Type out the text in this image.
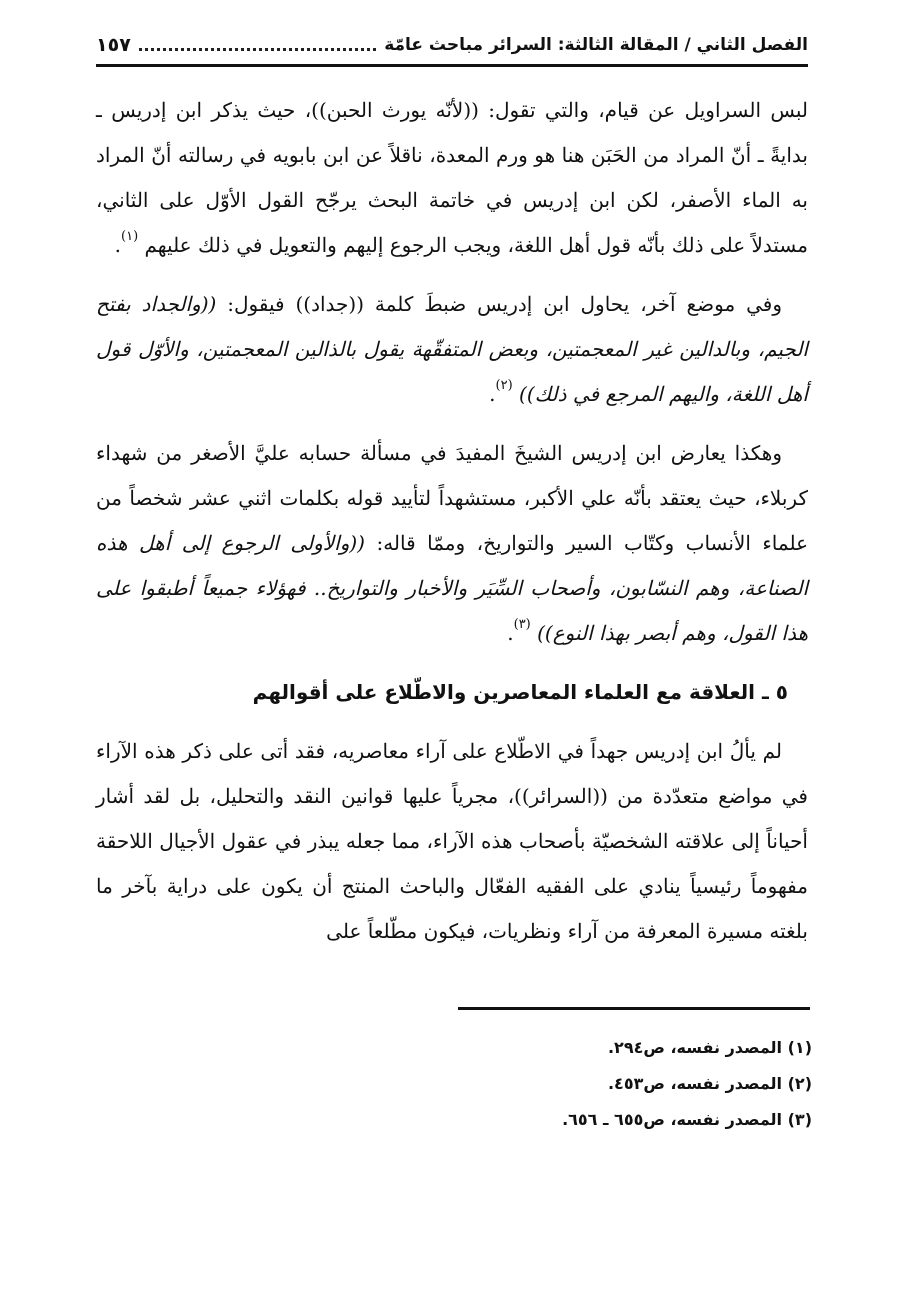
الفصل الثاني / المقالة الثالثة: السرائر مباحث عامّة
١٥٧

لبس السراويل عن قيام، والتي تقول: ((لأنّه يورث الحبن))، حيث يذكر ابن إدريس ـ بدايةً ـ أنّ المراد من الحَبَن هنا هو ورم المعدة، ناقلاً عن ابن بابويه في رسالته أنّ المراد به الماء الأصفر، لكن ابن إدريس في خاتمة البحث يرجّح القول الأوّل على الثاني، مستدلاً على ذلك بأنّه قول أهل اللغة، ويجب الرجوع إليهم والتعويل في ذلك عليهم $^{(١)}$.

وفي موضع آخر، يحاول ابن إدريس ضبطَ كلمة ((جداد)) فيقول: ((والجداد بفتح الجيم، وبالدالين غير المعجمتين، وبعض المتفقّهة يقول بالذالين المعجمتين، والأوّل قول أهل اللغة، واليهم المرجع في ذلك)) $^{(٢)}$.

وهكذا يعارض ابن إدريس الشيخَ المفيدَ في مسألة حسابه عليَّ الأصغر من شهداء كربلاء، حيث يعتقد بأنّه علي الأكبر، مستشهداً لتأييد قوله بكلمات اثني عشر شخصاً من علماء الأنساب وكتّاب السير والتواريخ، وممّا قاله: ((والأولى الرجوع إلى أهل هذه الصناعة، وهم النسّابون، وأصحاب السِّيَر والأخبار والتواريخ.. فهؤلاء جميعاً أطبقوا على هذا القول، وهم أبصر بهذا النوع)) $^{(٣)}$.

٥ ـ العلاقة مع العلماء المعاصرين والاطّلاع على أقوالهم

لم يألُ ابن إدريس جهداً في الاطّلاع على آراء معاصريه، فقد أتى على ذكر هذه الآراء في مواضع متعدّدة من ((السرائر))، مجرياً عليها قوانين النقد والتحليل، بل لقد أشار أحياناً إلى علاقته الشخصيّة بأصحاب هذه الآراء، مما جعله يبذر في عقول الأجيال اللاحقة مفهوماً رئيسياً ينادي على الفقيه الفعّال والباحث المنتج أن يكون على دراية بآخر ما بلغته مسيرة المعرفة من آراء ونظريات، فيكون مطّلعاً على

(١) المصدر نفسه، ص٢٩٤.
(٢) المصدر نفسه، ص٤٥٣.
(٣) المصدر نفسه، ص٦٥٥ ـ ٦٥٦.
